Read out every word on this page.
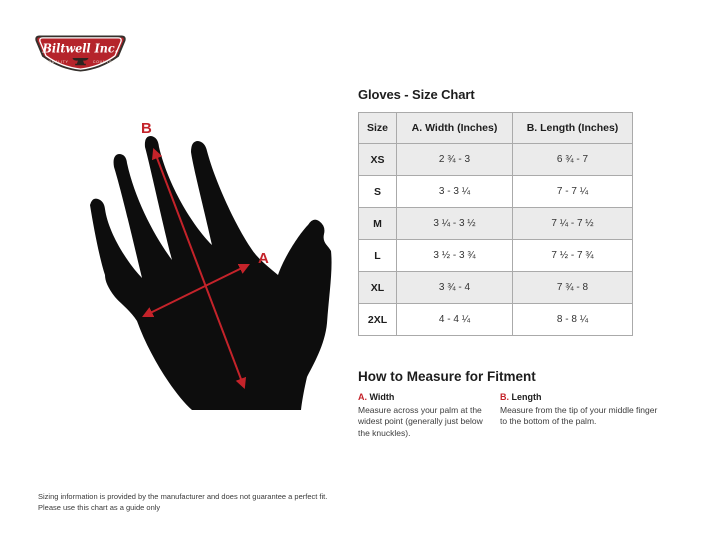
Biltwell Inc.
QUALITY	COUNTS
B
A
Gloves - Size Chart
Size	A. Width (Inches)	B. Length (Inches)
XS	2 ¾ - 3	6 ¾ - 7
S	3 - 3 ¼	7 - 7 ¼
M	3 ¼ - 3 ½	7 ¼ - 7 ½
L	3 ½ - 3 ¾	7 ½ - 7 ¾
XL	3 ¾ - 4	7 ¾ - 8
2XL	4 - 4 ¼	8 - 8 ¼
How to Measure for Fitment

A. Width

Measure across your palm at the widest point (generally just below the knuckles).

B. Length

Measure from the tip of your middle finger to the bottom of the palm.

Sizing information is provided by the manufacturer and does not guarantee a perfect fit.
Please use this chart as a guide only
